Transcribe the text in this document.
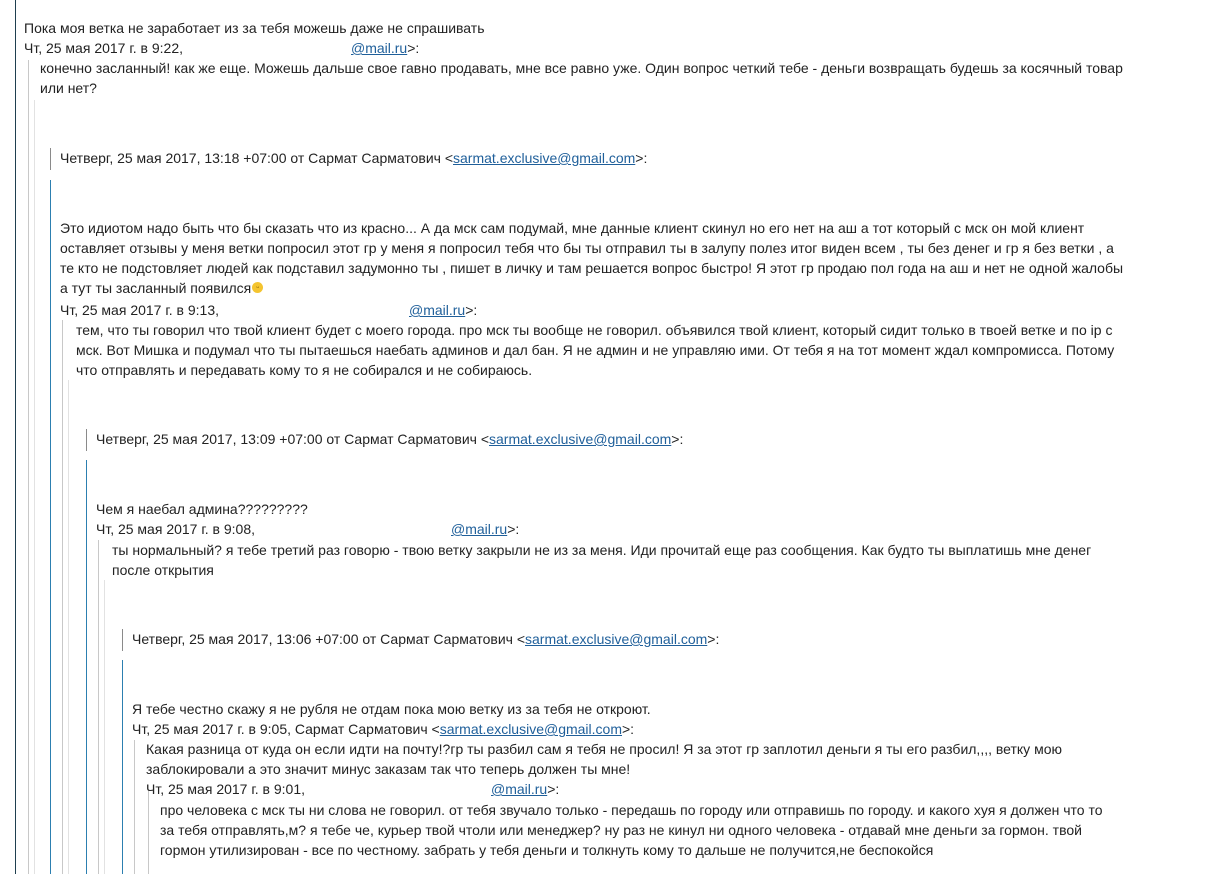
Пока моя ветка не заработает из за тебя можешь даже не спрашивать
Чт, 25 мая 2017 г. в 9:22,	@mail.ru>:
конечно засланный! как же еще. Можешь дальше свое гавно продавать, мне все равно уже. Один вопрос четкий тебе - деньги возвращать будешь за косячный товар
или нет?
Четверг, 25 мая 2017, 13:18 +07:00 от Сармат Сарматович <sarmat.exclusive@gmail.com>:
Это идиотом надо быть что бы сказать что из красно... А да мск сам подумай, мне данные клиент скинул но его нет на аш а тот который с мск он мой клиент
оставляет отзывы у меня ветки попросил этот гр у меня я попросил тебя что бы ты отправил ты в залупу полез итог виден всем , ты без денег и гр я без ветки , а
те кто не подстовляет людей как подставил задумонно ты , пишет в личку и там решается вопрос быстро! Я этот гр продаю пол года на аш и нет не одной жалобы
а тут ты засланный появился ᵕ
Чт, 25 мая 2017 г. в 9:13,	@mail.ru>:
тем, что ты говорил что твой клиент будет с моего города. про мск ты вообще не говорил. объявился твой клиент, который сидит только в твоей ветке и по ip с
мск. Вот Мишка и подумал что ты пытаешься наебать админов и дал бан. Я не админ и не управляю ими. От тебя я на тот момент ждал компромисса. Потому
что отправлять и передавать кому то я не собирался и не собираюсь.
Четверг, 25 мая 2017, 13:09 +07:00 от Сармат Сарматович <sarmat.exclusive@gmail.com>:
Чем я наебал админа?????????
Чт, 25 мая 2017 г. в 9:08,	@mail.ru>:
ты нормальный? я тебе третий раз говорю - твою ветку закрыли не из за меня. Иди прочитай еще раз сообщения. Как будто ты выплатишь мне денег
после открытия
Четверг, 25 мая 2017, 13:06 +07:00 от Сармат Сарматович <sarmat.exclusive@gmail.com>:
Я тебе честно скажу я не рубля не отдам пока мою ветку из за тебя не откроют.
Чт, 25 мая 2017 г. в 9:05, Сармат Сарматович <sarmat.exclusive@gmail.com>:
Какая разница от куда он если идти на почту!?гр ты разбил сам я тебя не просил! Я за этот гр заплотил деньги я ты его разбил,,,, ветку мою
заблокировали а это значит минус заказам так что теперь должен ты мне!
Чт, 25 мая 2017 г. в 9:01,	@mail.ru>:
про человека с мск ты ни слова не говорил. от тебя звучало только - передашь по городу или отправишь по городу. и какого хуя я должен что то
за тебя отправлять,м? я тебе че, курьер твой чтоли или менеджер? ну раз не кинул ни одного человека - отдавай мне деньги за гормон. твой
гормон утилизирован - все по честному. забрать у тебя деньги и толкнуть кому то дальше не получится,не беспокойся
